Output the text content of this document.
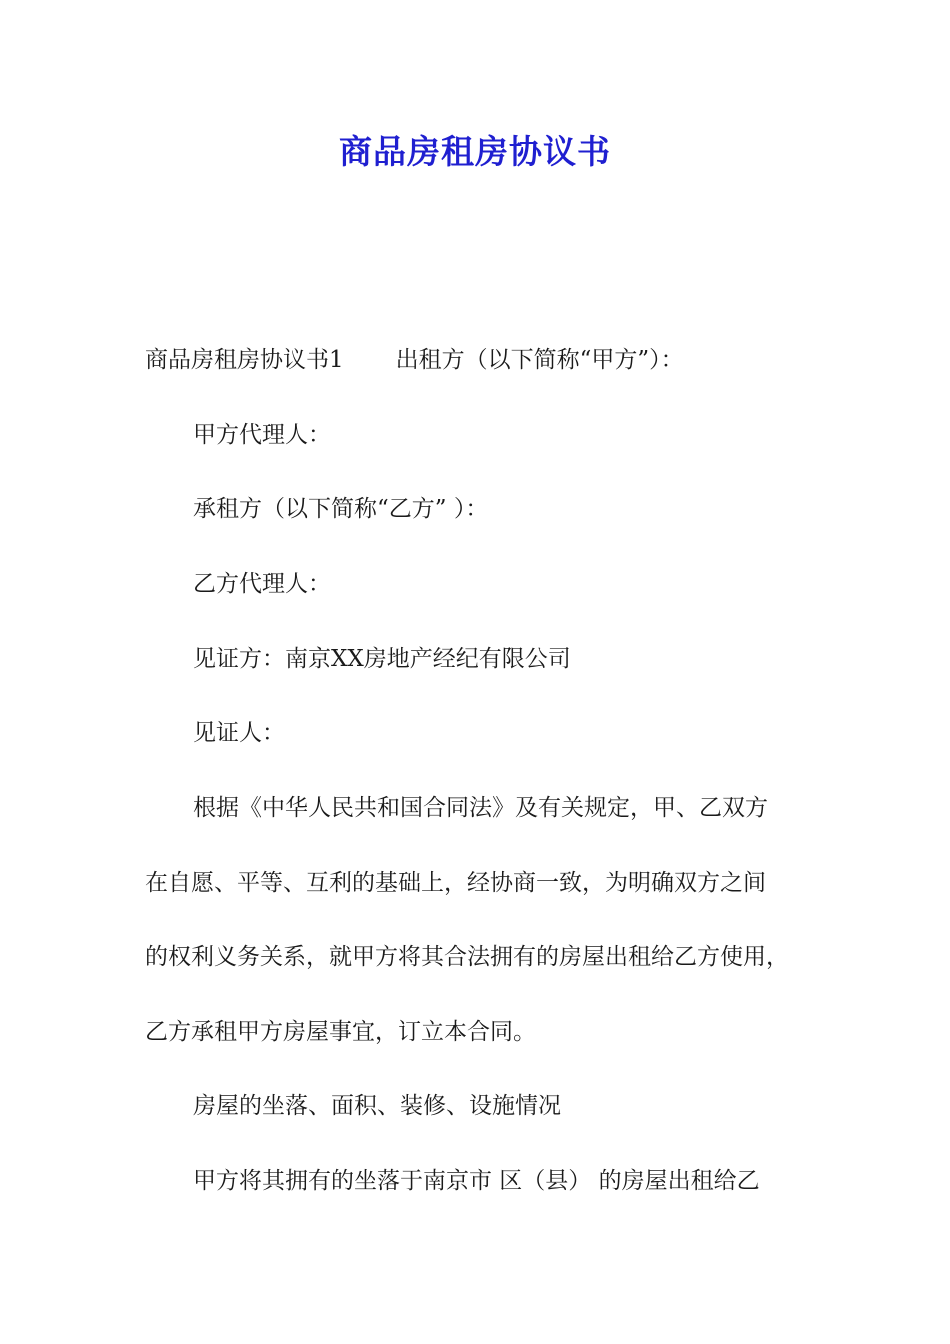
商品房租房协议书
商品房租房协议书1 出租方（以下简称“甲方”）：
甲方代理人：
承租方（以下简称“乙方” ）：
乙方代理人：
见证方：南京XX房地产经纪有限公司
见证人：
根据《中华人民共和国合同法》及有关规定，甲、乙双方
在自愿、平等、互利的基础上，经协商一致，为明确双方之间
的权利义务关系，就甲方将其合法拥有的房屋出租给乙方使用，
乙方承租甲方房屋事宜，订立本合同。
房屋的坐落、面积、装修、设施情况
甲方将其拥有的坐落于南京市 区（县） 的房屋出租给乙
